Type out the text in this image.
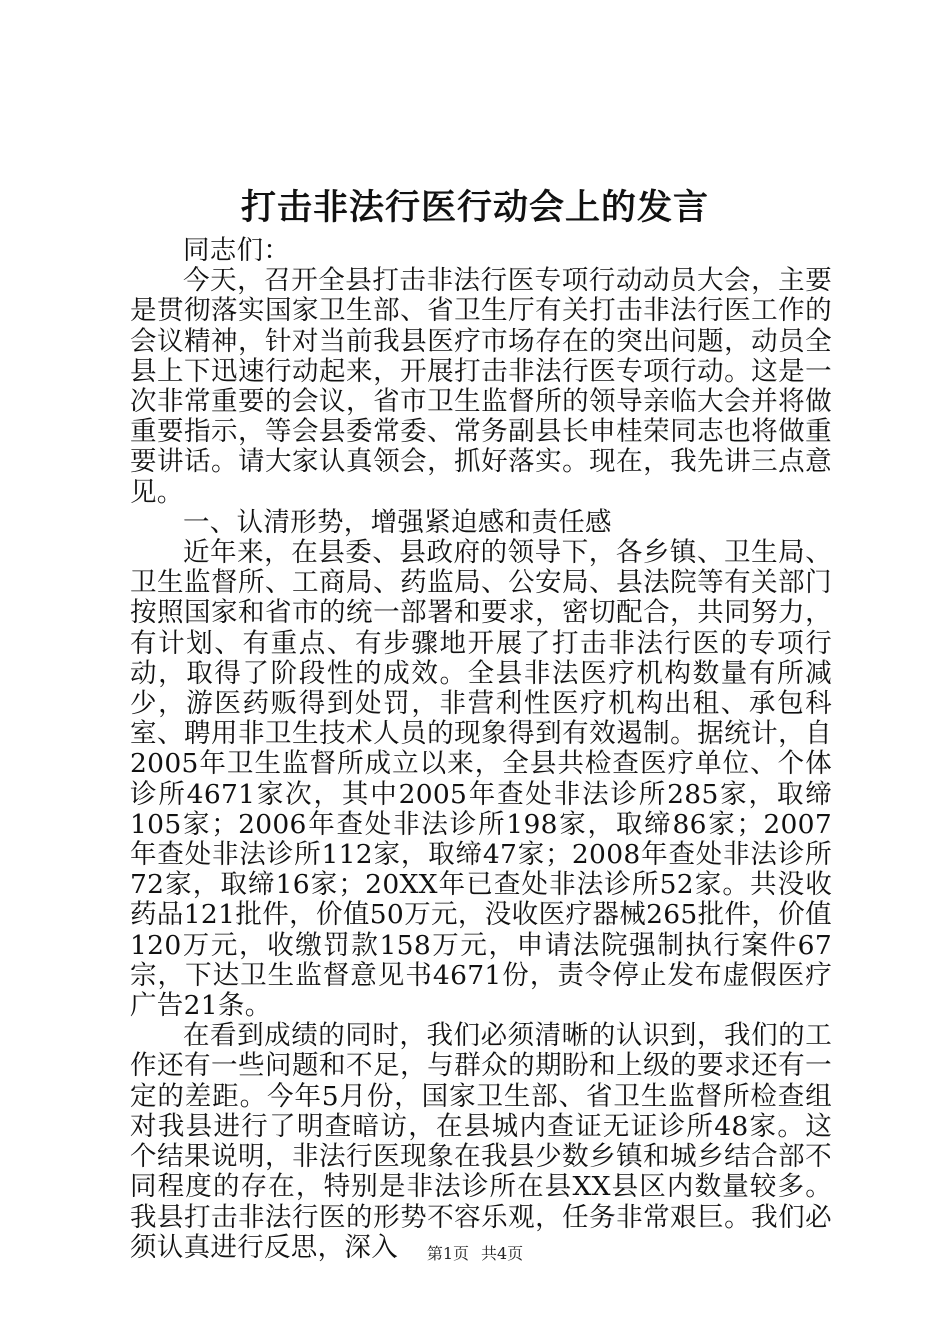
打击非法行医行动会上的发言

同志们：

今天，召开全县打击非法行医专项行动动员大会，主要是贯彻落实国家卫生部、省卫生厅有关打击非法行医工作的会议精神，针对当前我县医疗市场存在的突出问题，动员全县上下迅速行动起来，开展打击非法行医专项行动。这是一次非常重要的会议，省市卫生监督所的领导亲临大会并将做重要指示，等会县委常委、常务副县长申桂荣同志也将做重要讲话。请大家认真领会，抓好落实。现在，我先讲三点意见。

一、认清形势，增强紧迫感和责任感

近年来，在县委、县政府的领导下，各乡镇、卫生局、卫生监督所、工商局、药监局、公安局、县法院等有关部门按照国家和省市的统一部署和要求，密切配合，共同努力，有计划、有重点、有步骤地开展了打击非法行医的专项行动，取得了阶段性的成效。全县非法医疗机构数量有所减少，游医药贩得到处罚，非营利性医疗机构出租、承包科室、聘用非卫生技术人员的现象得到有效遏制。据统计，自2005年卫生监督所成立以来，全县共检查医疗单位、个体诊所4671家次，其中2005年查处非法诊所285家，取缔105家；2006年查处非法诊所198家，取缔86家；2007年查处非法诊所112家，取缔47家；2008年查处非法诊所72家，取缔16家；20XX年已查处非法诊所52家。共没收药品121批件，价值50万元，没收医疗器械265批件，价值120万元，收缴罚款158万元，申请法院强制执行案件67宗，下达卫生监督意见书4671份，责令停止发布虚假医疗广告21条。

在看到成绩的同时，我们必须清晰的认识到，我们的工作还有一些问题和不足，与群众的期盼和上级的要求还有一定的差距。今年5月份，国家卫生部、省卫生监督所检查组对我县进行了明查暗访，在县城内查证无证诊所48家。这个结果说明，非法行医现象在我县少数乡镇和城乡结合部不同程度的存在，特别是非法诊所在县XX县区内数量较多。我县打击非法行医的形势不容乐观，任务非常艰巨。我们必须认真进行反思，深入	第1页 共4页
